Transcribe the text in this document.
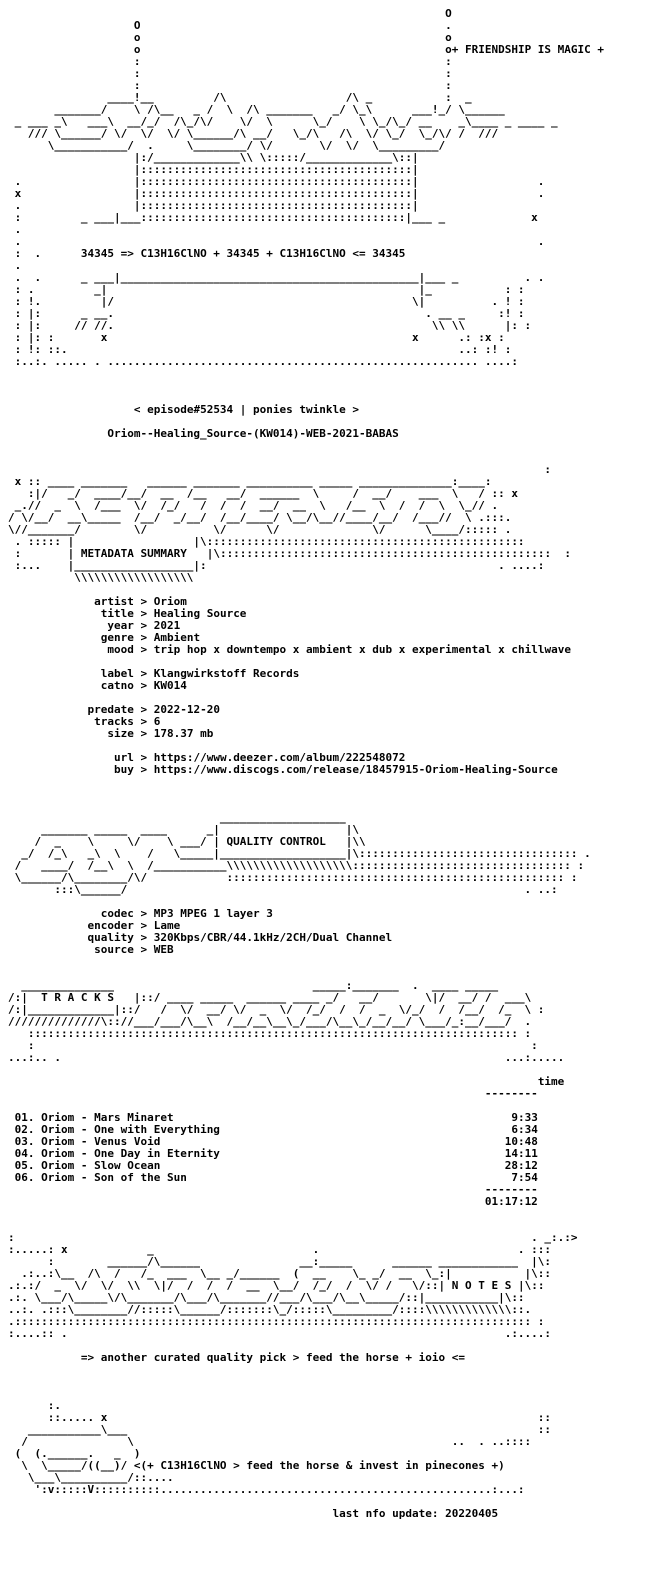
O
O                                              .
o                                              o
o                                              o+ FRIENDSHIP IS MAGIC +
:                                              :
:                                              :
:                                              :
____!__         /\                  /\ _           :  _
_______/    \ /\__   _ /  \  /\ _______   _/ \_\      ___!_/ \______
_ ___ _\   ___\  __/_/  /\_/\/    \/  \      \_/    \ \_/\_/ __    _\____ _ ____ _
/// \______/ \/  \/  \/ \______/\ __/   \_/\   /\  \/ \_/  \_/\/ /  ///
\___________/  .     \________/ \/       \/  \/  \_________/
|:/_____________\\ \:::::/_____________\::|
|:::::::::::::::::::::::::::::::::::::::::|
.                 |:::::::::::::::::::::::::::::::::::::::::|                  .
x                 |:::::::::::::::::::::::::::::::::::::::::|                  .
.                 |:::::::::::::::::::::::::::::::::::::::::|
:         _ ___|___::::::::::::::::::::::::::::::::::::::::|___ _             x
.
.                                                                              .
:  .      34345 => C13H16ClNO + 34345 + C13H16ClNO <= 34345
.
.  .      _ ___|_____________________________________________|___ _          . .
: .         _|                                               |_           : :
: !.         |/                                             \|          . ! :
: |:      _ __.                                               . __ _     :! :
: |:     // //.                                                \\ \\      |: :
: |: :       x                                              x      .: :x :
: !: ::.                                                           ..: :! :
:..:. ..... . ........................................................ ....:

< episode#52534 | ponies twinkle >

Oriom--Healing_Source-(KW014)-WEB-2021-BABAS

:
x :: ____ _______   ______ _______ __________ _____ ______________:____:
:|/   _/  ____/__/  __  /__   __/  ______  \     /  __/    ___  \   / :: x
_.//  _  \  /___  \/  /_/   /  /  /  __/  __  \   /__  \  /  /  \  \_// .
/ \/__/  __\_____  /__/  _/__/  /__/____/ \__/\__//____/__/  /___//  \ .:::.
\//_______/        \/          \/      \/              \/      \____/::::: .
. ::::: |                  |\::::::::::::::::::::::::::::::::::::::::::::::::
:       | METADATA SUMMARY   |\::::::::::::::::::::::::::::::::::::::::::::::::::  :
:...    |__________________|:                                            . ....:
\\\\\\\\\\\\\\\\\\

artist > Oriom
title > Healing Source
year > 2021
genre > Ambient
mood > trip hop x downtempo x ambient x dub x experimental x chillwave

label > Klangwirkstoff Records
catno > KW014

predate > 2022-12-20
tracks > 6
size > 178.37 mb

url > https://www.deezer.com/album/222548072
buy > https://www.discogs.com/release/18457915-Oriom-Healing-Source

___________________
_______ _____  ____      _|                   |\
/  _    \     \/    \ ___/ | QUALITY CONTROL   |\\
_/  /_\   _\  \    /   \_____|___________________|\::::::::::::::::::::::::::::::::: .
/   ____/  /__\  \  /___________\\\\\\\\\\\\\\\\\\\::::::::::::::::::::::::::::::::: :
\______/\________/\/            ::::::::::::::::::::::::::::::::::::::::::::::::::: :
:::\______/                                                            . ..:

codec > MP3 MPEG 1 layer 3
encoder > Lame
quality > 320Kbps/CBR/44.1kHz/2CH/Dual Channel
source > WEB

______________                              _____:_______  .  ____ _____
/:|  T R A C K S   |::/ ____ _____  ______ ____ _/   __/       \|/  __/ /  ___\
/:|_____________|::/   /  \/  __/ \/  _  \/  /_/  /  /  _  \/_/  /  /__/  /_  \ :
//////////////\:://___/___/\__\  /__/__\__\_/___/\__\_/__/__/ \___/_:__/___/  .
:::::::::::::::::::::::::::::::::::::::::::::::::::::::::::::::::::::::::: :
:                                                                           :
...:.. .                                                                   ...:.....

time
--------

01. Oriom - Mars Minaret	9:33
02. Oriom - One with Everything	6:34
03. Oriom - Venus Void	10:48
04. Oriom - One Day in Eternity	14:11
05. Oriom - Slow Ocean	28:12
06. Oriom - Son of the Sun	7:54
--------
01:17:12

:                                                                              . _:.:>
:.....: x            _                        .                              . :::
:        ______/\______               __:_____      ______ ____________  |\:
.:..:\__  /\  /   /_  ___  \__ _/______  (  __    \_ _/  __  \_:|           |\::
.:.:/  _  \/  \/  \\  \|/  /  /  /  __  \__/  /_/  /  \/ /   \/::| N O T E S |\::
.:. \___/\_____\/\_______/\___/\_______//___/\___/\__\_____/::|___________|\::
..:. .:::\________//:::::\______/:::::::\_/:::::\_________/::::\\\\\\\\\\\\\::.
.:::::::::::::::::::::::::::::::::::::::::::::::::::::::::::::::::::::::::::::: :
:....:: .                                                                  .:....:

=> another curated quality pick > feed the horse + ioio <=

:.
::..... x                                                                 ::
___________\___                                                              ::
/               \                                                ..  . ..::::
(  (.______.   _  )
\  \_____/((__)/ <(+ C13H16ClNO > feed the horse & invest in pinecones +)
\___\__________/::....
':v:::::V::::::::::..................................................:...:

last nfo update: 20220405
